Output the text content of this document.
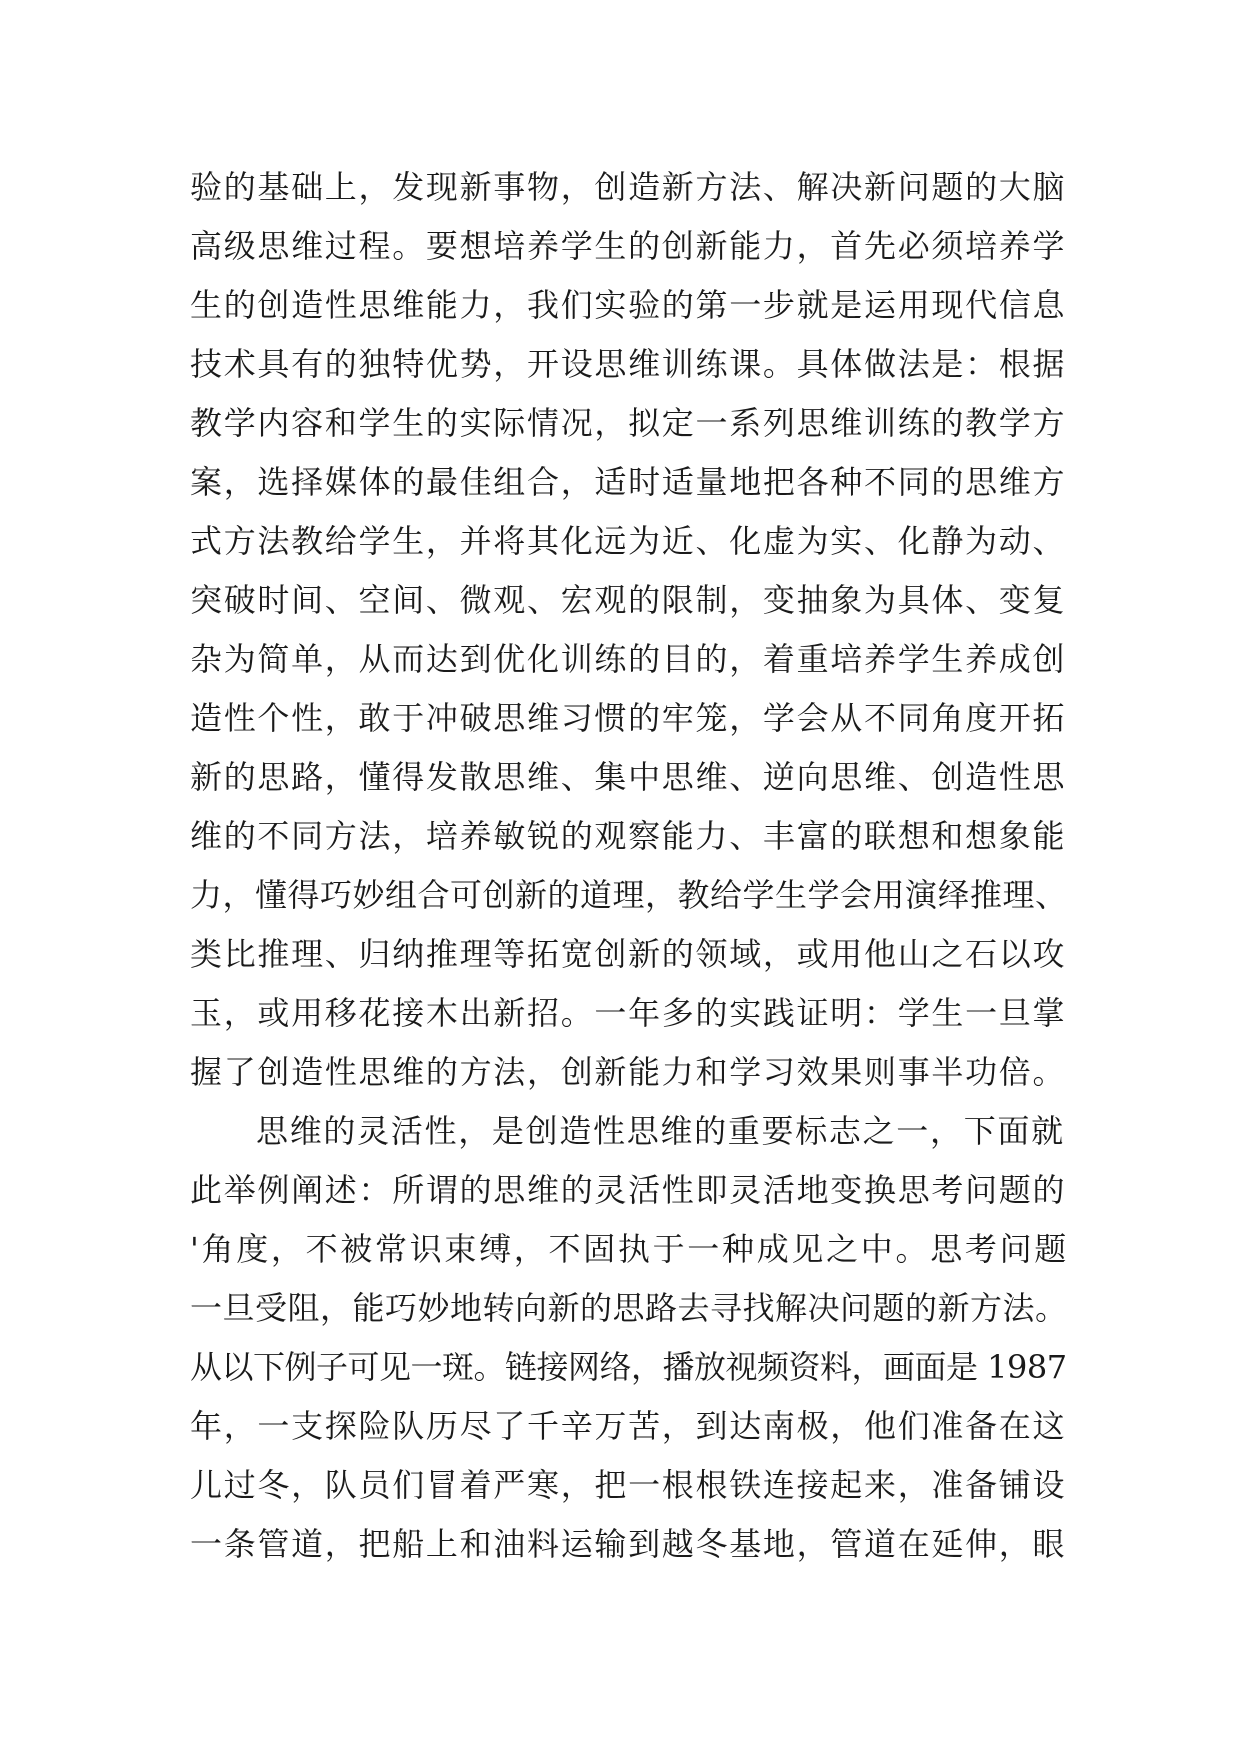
验的基础上，发现新事物，创造新方法、解决新问题的大脑
高级思维过程。要想培养学生的创新能力，首先必须培养学
生的创造性思维能力，我们实验的第一步就是运用现代信息
技术具有的独特优势，开设思维训练课。具体做法是：根据
教学内容和学生的实际情况，拟定一系列思维训练的教学方
案，选择媒体的最佳组合，适时适量地把各种不同的思维方
式方法教给学生，并将其化远为近、化虚为实、化静为动、
突破时间、空间、微观、宏观的限制，变抽象为具体、变复
杂为简单，从而达到优化训练的目的，着重培养学生养成创
造性个性，敢于冲破思维习惯的牢笼，学会从不同角度开拓
新的思路，懂得发散思维、集中思维、逆向思维、创造性思
维的不同方法，培养敏锐的观察能力、丰富的联想和想象能
力，懂得巧妙组合可创新的道理，教给学生学会用演绎推理、
类比推理、归纳推理等拓宽创新的领域，或用他山之石以攻
玉，或用移花接木出新招。一年多的实践证明：学生一旦掌
握了创造性思维的方法，创新能力和学习效果则事半功倍。
思维的灵活性，是创造性思维的重要标志之一，下面就
此举例阐述：所谓的思维的灵活性即灵活地变换思考问题的
'角度，不被常识束缚，不固执于一种成见之中。思考问题
一旦受阻，能巧妙地转向新的思路去寻找解决问题的新方法。
从以下例子可见一斑。链接网络，播放视频资料，画面是 1987
年，一支探险队历尽了千辛万苦，到达南极，他们准备在这
儿过冬，队员们冒着严寒，把一根根铁连接起来，准备铺设
一条管道，把船上和油料运输到越冬基地，管道在延伸，眼
